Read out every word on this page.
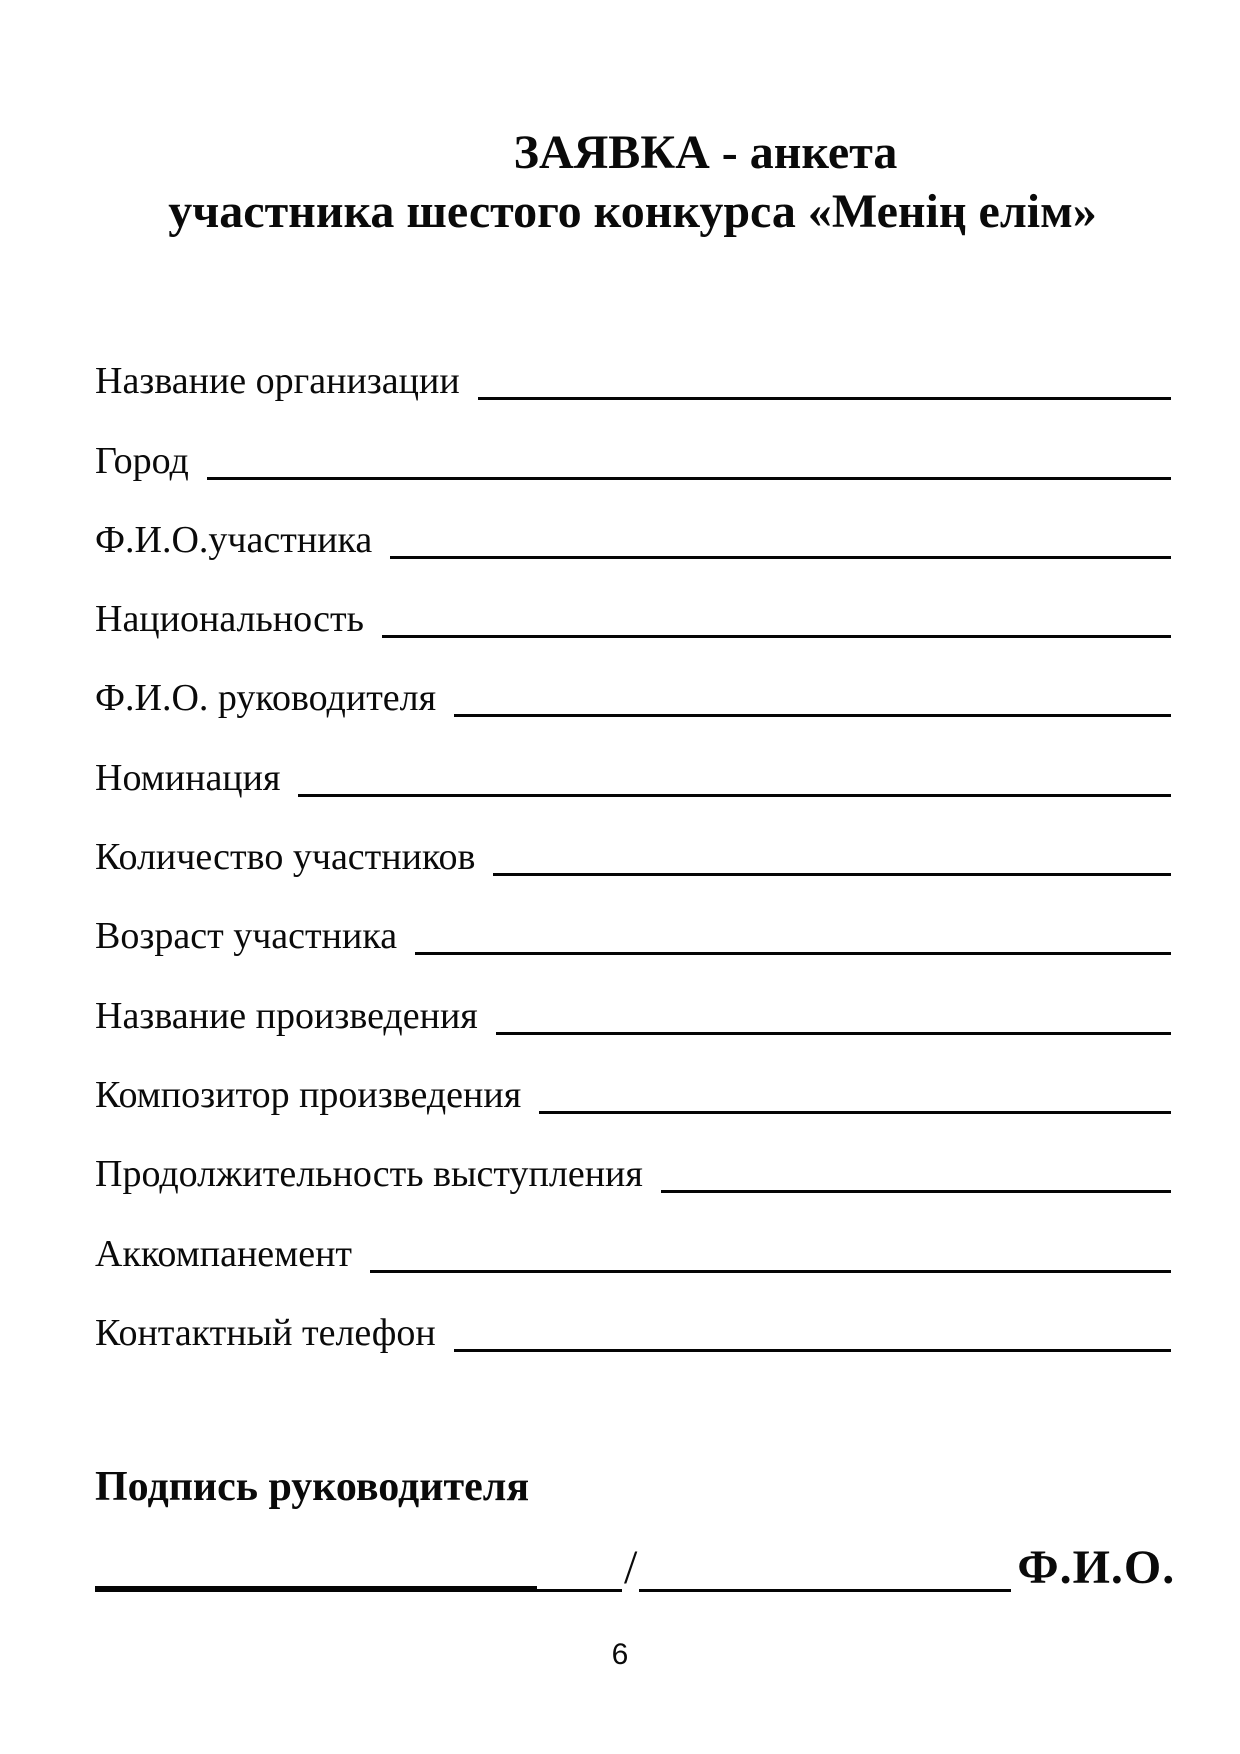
ЗАЯВКА - анкета
участника шестого конкурса «Менің елім»
Название организации
Город
Ф.И.О.участника
Национальность
Ф.И.О. руководителя
Номинация
Количество участников
Возраст участника
Название произведения
Композитор произведения
Продолжительность выступления
Аккомпанемент
Контактный телефон
Подпись руководителя
/	Ф.И.О.
6
